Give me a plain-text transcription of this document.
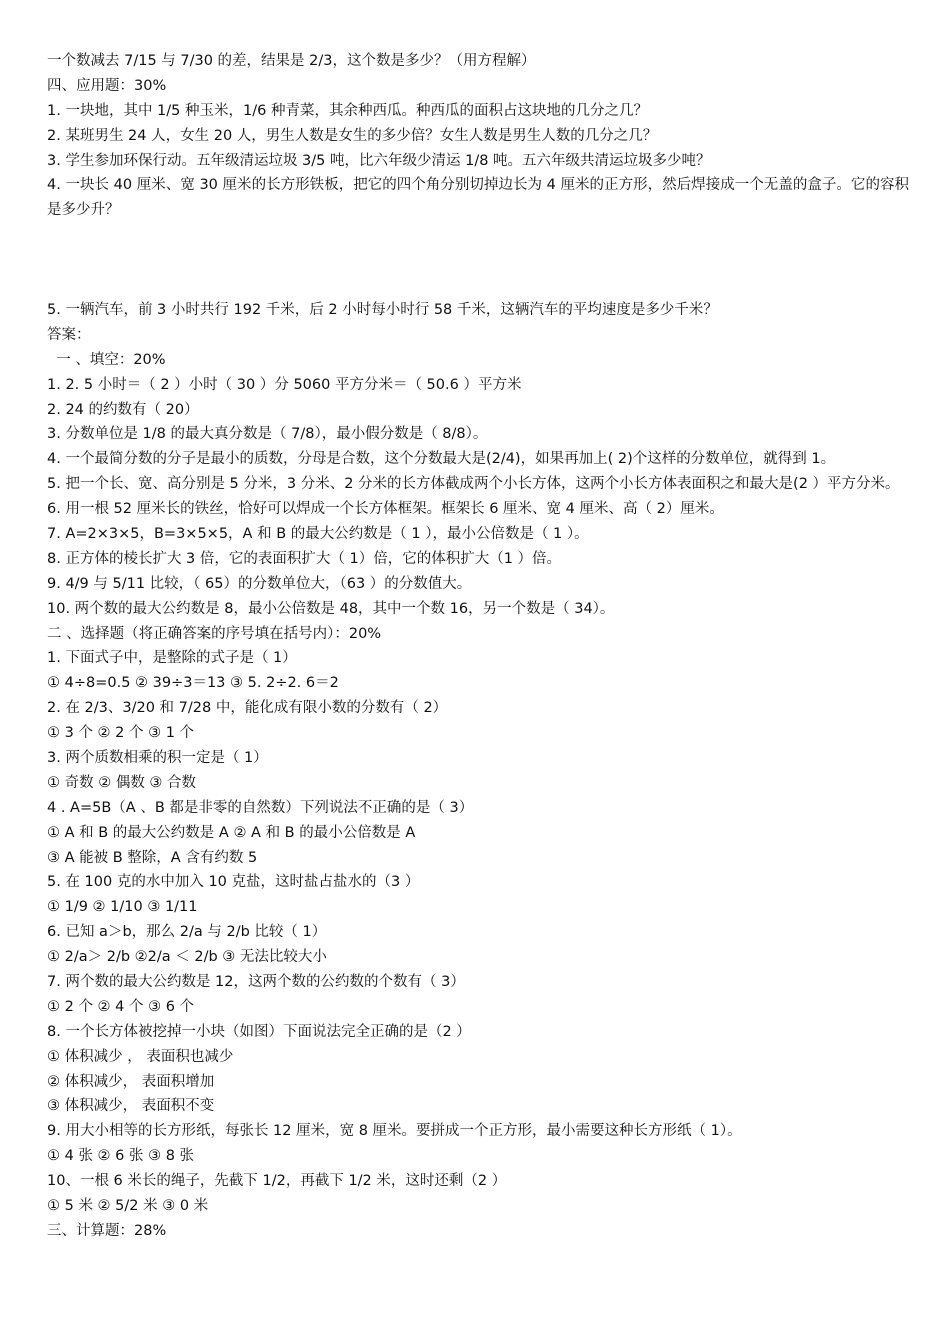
一个数减去 7/15 与 7/30 的差，结果是 2/3，这个数是多少？（用方程解）
四、应用题：30%
1. 一块地，其中 1/5 种玉米，1/6 种青菜，其余种西瓜。种西瓜的面积占这块地的几分之几？
2. 某班男生 24 人，女生 20 人，男生人数是女生的多少倍？女生人数是男生人数的几分之几？
3. 学生参加环保行动。五年级清运垃圾 3/5 吨，比六年级少清运 1/8 吨。五六年级共清运垃圾多少吨？
4. 一块长 40 厘米、宽 30 厘米的长方形铁板，把它的四个角分别切掉边长为 4 厘米的正方形，然后焊接成一个无盖的盒子。它的容积是多少升？
5. 一辆汽车，前 3 小时共行 192 千米，后 2 小时每小时行 58 千米，这辆汽车的平均速度是多少千米？
答案：
一 、填空：20%
1. 2. 5 小时＝（ 2 ）小时（ 30 ）分 5060 平方分米＝（ 50.6 ）平方米
2. 24 的约数有（ 20）
3. 分数单位是 1/8 的最大真分数是（ 7/8），最小假分数是（ 8/8）。
4. 一个最简分数的分子是最小的质数，分母是合数，这个分数最大是(2/4)，如果再加上( 2)个这样的分数单位，就得到 1。
5. 把一个长、宽、高分别是 5 分米，3 分米、2 分米的长方体截成两个小长方体，这两个小长方体表面积之和最大是(2 ）平方分米。
6. 用一根 52 厘米长的铁丝，恰好可以焊成一个长方体框架。框架长 6 厘米、宽 4 厘米、高（ 2）厘米。
7. A=2×3×5，B=3×5×5，A 和 B 的最大公约数是（ 1 ），最小公倍数是（ 1 ）。
8. 正方体的棱长扩大 3 倍，它的表面积扩大（ 1）倍，它的体积扩大（1 ）倍。
9. 4/9 与 5/11 比较，（ 65）的分数单位大，（63 ）的分数值大。
10. 两个数的最大公约数是 8，最小公倍数是 48，其中一个数 16，另一个数是（ 34）。
二 、选择题（将正确答案的序号填在括号内）：20%
1. 下面式子中，是整除的式子是（ 1）
① 4÷8=0.5 ② 39÷3＝13 ③ 5. 2÷2. 6＝2
2. 在 2/3、3/20 和 7/28 中，能化成有限小数的分数有（ 2）
① 3 个 ② 2 个 ③ 1 个
3. 两个质数相乘的积一定是（ 1）
① 奇数 ② 偶数 ③ 合数
4 . A=5B（A 、B 都是非零的自然数）下列说法不正确的是（ 3）
① A 和 B 的最大公约数是 A ② A 和 B 的最小公倍数是 A
③ A 能被 B 整除，A 含有约数 5
5. 在 100 克的水中加入 10 克盐，这时盐占盐水的（3 ）
① 1/9 ② 1/10 ③ 1/11
6. 已知 a＞b，那么 2/a 与 2/b 比较（ 1）
① 2/a＞ 2/b ②2/a ＜ 2/b ③ 无法比较大小
7. 两个数的最大公约数是 12，这两个数的公约数的个数有（ 3）
① 2 个 ② 4 个 ③ 6 个
8. 一个长方体被挖掉一小块（如图）下面说法完全正确的是（2 ）
① 体积减少 ， 表面积也减少
② 体积减少， 表面积增加
③ 体积减少， 表面积不变
9. 用大小相等的长方形纸，每张长 12 厘米，宽 8 厘米。要拼成一个正方形，最小需要这种长方形纸（ 1）。
① 4 张 ② 6 张 ③ 8 张
10、一根 6 米长的绳子，先截下 1/2，再截下 1/2 米，这时还剩（2 ）
① 5 米 ② 5/2 米 ③ 0 米
三、计算题：28%
